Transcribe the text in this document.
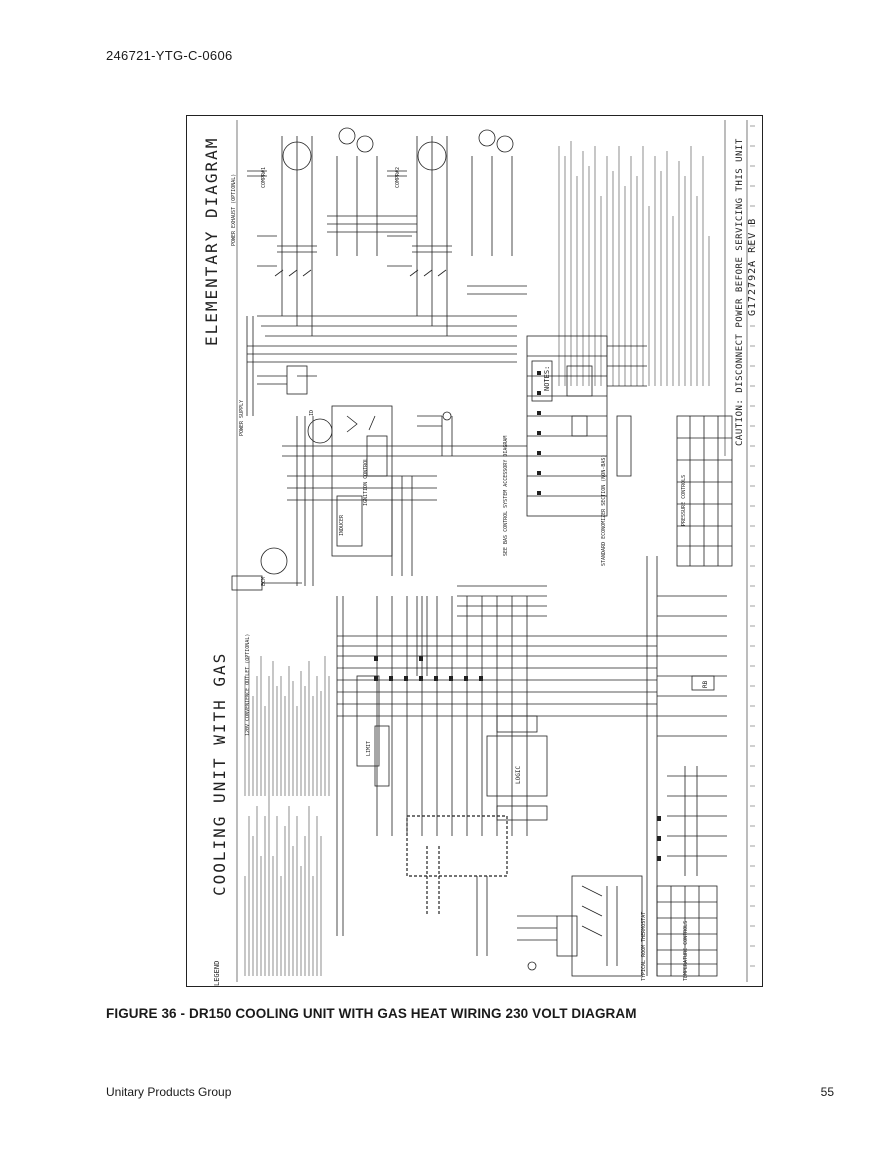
246721-YTG-C-0606
COOLING UNIT WITH GAS
ELEMENTARY DIAGRAM
LEGEND
NOTES:	CAUTION: DISCONNECT POWER BEFORE SERVICING THIS UNIT G172792A REV B
COMPR#1	COMPR#2
ECM
ID
INDUCER
IGNITION CONTROL
TYPICAL ROOM THERMOSTAT	TEMPERATURE CONTROLS
PRESSURE CONTROLS
STANDARD ECONOMIZER SECTION (NON-BAS)
120V CONVENIENCE OUTLET (OPTIONAL)
SEE BAS CONTROL SYSTEM ACCESSORY DIAGRAM
POWER SUPPLY
POWER EXHAUST (OPTIONAL)
LIMIT
LOGIC
RB
FIGURE 36 - DR150 COOLING UNIT WITH GAS HEAT WIRING 230 VOLT DIAGRAM
Unitary Products Group	55
